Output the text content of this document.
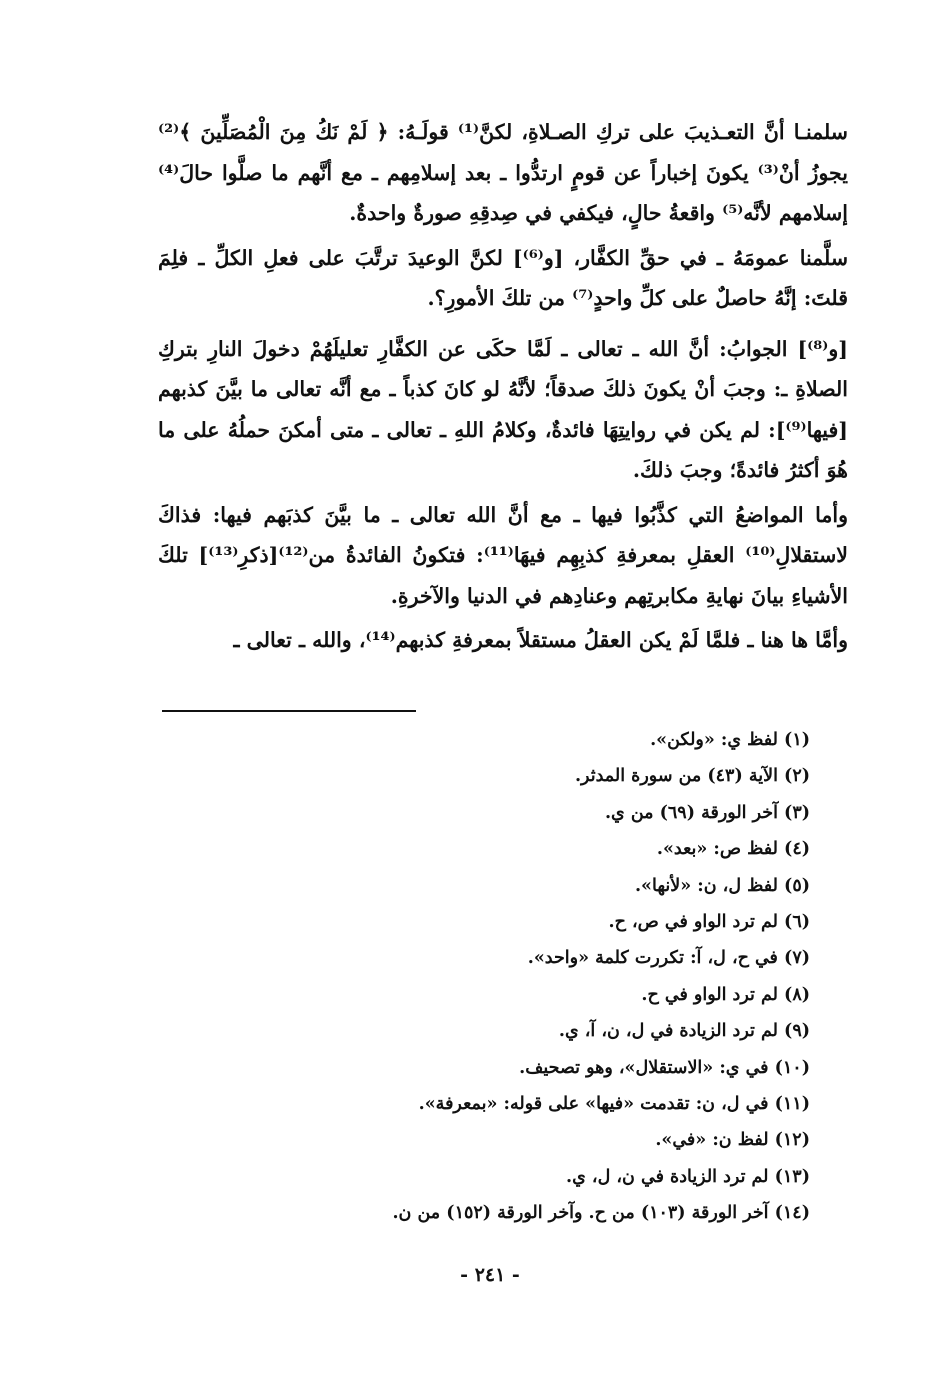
سلمنـا أنَّ التعـذيبَ على تركِ الصـلاةِ، لكنَّ⁽¹⁾ قولَـهُ: ﴿ لَمْ نَكُ مِنَ الْمُصَلِّينَ ﴾⁽²⁾ يجوزُ أنْ⁽³⁾ يكونَ إخباراً عن قومٍ ارتدُّوا ـ بعد إسلامِهم ـ مع أنَّهم ما صلَّوا حالَ⁽⁴⁾ إسلامهم لأنَّه⁽⁵⁾ واقعةُ حالٍ، فيكفي في صِدقِهِ صورةٌ واحدةٌ.

سلَّمنا عمومَهُ ـ في حقِّ الكفَّار، [و⁽⁶⁾] لكنَّ الوعيدَ ترتَّبَ على فعلِ الكلِّ ـ فلِمَ قلتَ: إنَّهُ حاصلٌ على كلِّ واحدٍ⁽⁷⁾ من تلكَ الأمورِ؟.

[و⁽⁸⁾] الجوابُ: أنَّ الله ـ تعالى ـ لَمَّا حكَى عن الكفَّارِ تعليلَهُمْ دخولَ النارِ بتركِ الصلاةِ ـ: وجبَ أنْ يكونَ ذلكَ صدقاً؛ لأنَّهُ لو كانَ كذباً ـ مع أنَّه تعالى ما بيَّنَ كذبهم [فيها⁽⁹⁾]: لم يكن في روايتِهَا فائدةٌ، وكلامُ اللهِ ـ تعالى ـ متى أمكنَ حملُهُ على ما هُوَ أكثرُ فائدةً؛ وجبَ ذلكَ.

وأما المواضعُ التي كذَّبُوا فيها ـ مع أنَّ الله تعالى ـ ما بيَّنَ كذبَهم فيها: فذاكَ لاستقلالِ⁽¹⁰⁾ العقلِ بمعرفةِ كذبِهِم فيهَا⁽¹¹⁾: فتكونُ الفائدةُ من⁽¹²⁾[ذكرِ⁽¹³⁾] تلكَ الأشياءِ بيانَ نهايةِ مكابرتِهم وعنادِهم في الدنيا والآخرةِ.

وأمَّا ها هنا ـ فلمَّا لَمْ يكن العقلُ مستقلاً بمعرفةِ كذبهم⁽¹⁴⁾، والله ـ تعالى ـ

(١) لفظ ي: «ولكن».
(٢) الآية (٤٣) من سورة المدثر.
(٣) آخر الورقة (٦٩) من ي.
(٤) لفظ ص: «بعد».
(٥) لفظ ل، ن: «لأنها».
(٦) لم ترد الواو في ص، ح.
(٧) في ح، ل، آ: تكررت كلمة «واحد».
(٨) لم ترد الواو في ح.
(٩) لم ترد الزيادة في ل، ن، آ، ي.
(١٠) في ي: «الاستقلال»، وهو تصحيف.
(١١) في ل، ن: تقدمت «فيها» على قوله: «بمعرفة».
(١٢) لفظ ن: «في».
(١٣) لم ترد الزيادة في ن، ل، ي.
(١٤) آخر الورقة (١٠٣) من ح. وآخر الورقة (١٥٢) من ن.
- ٢٤١ -
